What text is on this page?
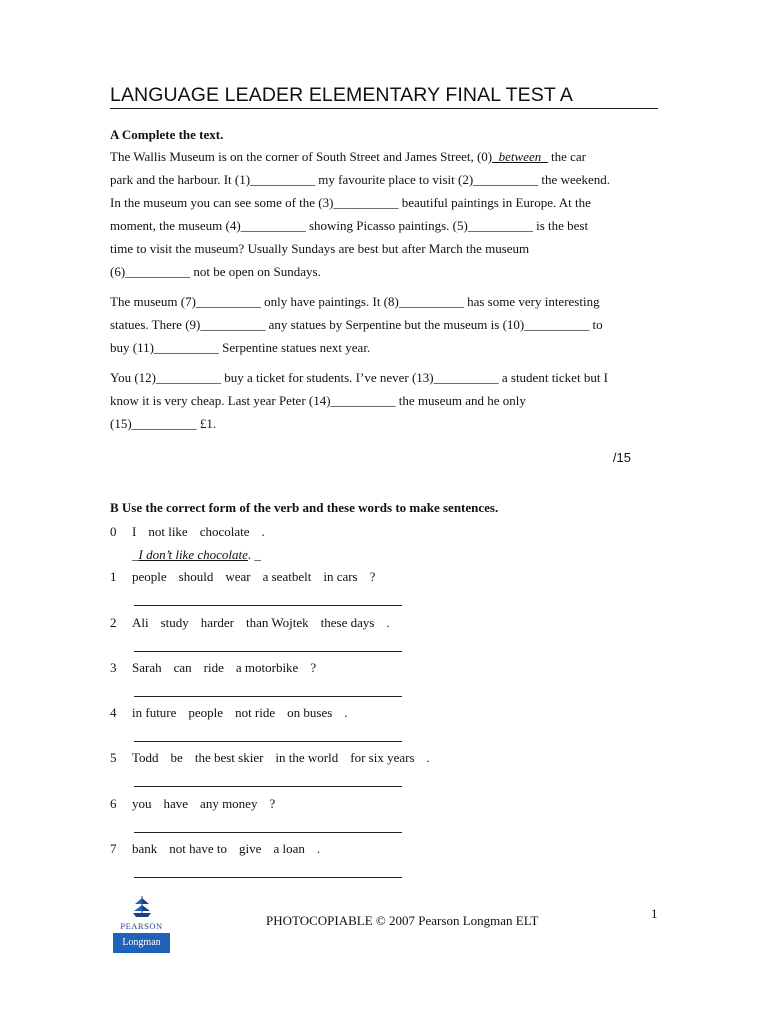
LANGUAGE LEADER ELEMENTARY FINAL TEST A
A Complete the text.
The Wallis Museum is on the corner of South Street and James Street, (0)_between_ the car
park and the harbour. It (1)__________ my favourite place to visit (2)__________ the weekend.
In the museum you can see some of the (3)__________ beautiful paintings in Europe. At the
moment, the museum (4)__________ showing Picasso paintings. (5)__________ is the best
time to visit the museum? Usually Sundays are best but after March the museum
(6)__________ not be open on Sundays.
The museum (7)__________ only have paintings. It (8)__________ has some very interesting
statues. There (9)__________ any statues by Serpentine but the museum is (10)__________ to
buy (11)__________ Serpentine statues next year.
You (12)__________ buy a ticket for students. I’ve never (13)__________ a student ticket but I
know it is very cheap. Last year Peter (14)__________ the museum and he only
(15)__________ £1.
/15
B Use the correct form of the verb and these words to make sentences.
0 I not like chocolate .
_I don’t like chocolate. _
1 people should wear a seatbelt in cars ?
2 Ali study harder than Wojtek these days .
3 Sarah can ride a motorbike ?
4 in future people not ride on buses .
5 Todd be the best skier in the world for six years .
6 you have any money ?
7 bank not have to give a loan .
PEARSON
Longman
PHOTOCOPIABLE © 2007 Pearson Longman ELT	1
